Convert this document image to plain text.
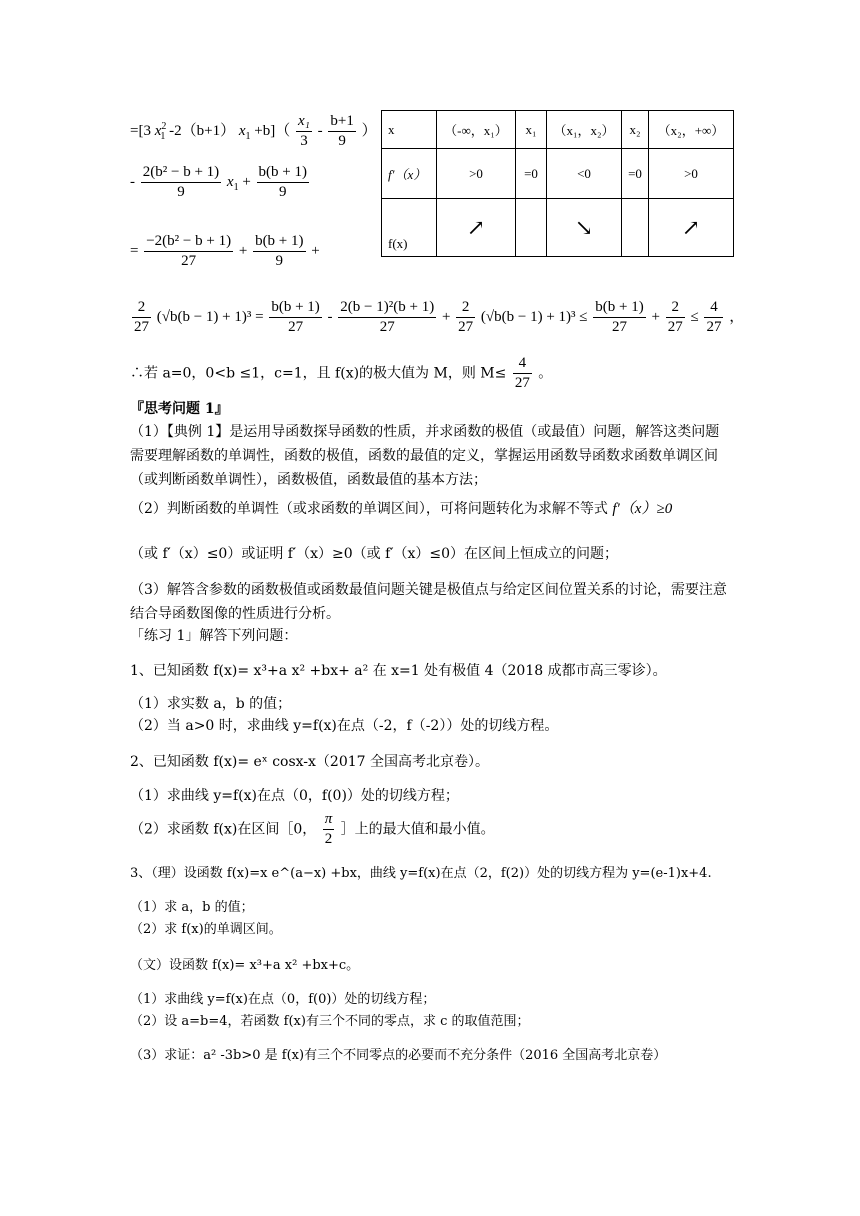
=[3 $x^2_1$ -2（b+1） $x_1 +b]( \frac{\text{x₁}}{3} - \frac{b+1}{9}$ ）
- $\frac{\text{2(b² − b + 1)}}{9} x_1 + \frac{b(b + 1)}{9}$
= $\frac{\text{−2(b² − b + 1)}}{27} + \frac{b(b + 1)}{9}$ +
x	（-∞，x₁）	x₁	（x₁，x₂）	x₂	（x₂，+∞）
f′（x）	>0	=0	<0	=0	>0
f(x)	↗		↘		↗
$\frac{2}{27} (√b(b - 1) + 1)^3 = \frac{b(b + 1)}{27} - \frac{\text{2(b − 1)²(b + 1)}}{27} + \frac{2}{27} (√b(b - 1) + 1)^3 \le \frac{b(b + 1)}{27} + \frac{2}{27} \le \frac{4}{27}$ ，
∴若 a=0，0<b ≤1，c=1，且 f(x)的极大值为 M，则 $M\le \frac{4}{27}$ 。
『思考问题 1』
（1）【典例 1】是运用导函数探导函数的性质，并求函数的极值（或最值）问题，解答这类问题需要理解函数的单调性，函数的极值，函数的最值的定义，掌握运用函数导函数求函数单调区间（或判断函数单调性），函数极值，函数最值的基本方法；
（2）判断函数的单调性（或求函数的单调区间），可将问题转化为求解不等式 f′（x）≥0
（或 f′（x）≤0）或证明 f′（x）≥0（或 f′（x）≤0）在区间上恒成立的问题；
（3）解答含参数的函数极值或函数最值问题关键是极值点与给定区间位置关系的讨论，需要注意结合导函数图像的性质进行分析。
「练习 1」解答下列问题：
1、已知函数 f(x)= x³+a x² +bx+ a² 在 x=1 处有极值 4（2018 成都市高三零诊）。
（1）求实数 a，b 的值；
（2）当 a>0 时，求曲线 y=f(x)在点（-2，f（-2））处的切线方程。
2、已知函数 f(x)= eˣ cosx-x（2017 全国高考北京卷）。
（1）求曲线 y=f(x)在点（0，f(0)）处的切线方程；
（2）求函数 f(x)在区间［0， $\frac{\pi}{2}$ ］上的最大值和最小值。
3、（理）设函数 f(x)=x e^(a−x) +bx，曲线 y=f(x)在点（2，f(2)）处的切线方程为 y=(e-1)x+4.
（1）求 a，b 的值；
（2）求 f(x)的单调区间。
（文）设函数 f(x)= x³+a x² +bx+c。
（1）求曲线 y=f(x)在点（0，f(0)）处的切线方程；
（2）设 a=b=4，若函数 f(x)有三个不同的零点，求 c 的取值范围；
（3）求证：a² -3b>0 是 f(x)有三个不同零点的必要而不充分条件（2016 全国高考北京卷）
